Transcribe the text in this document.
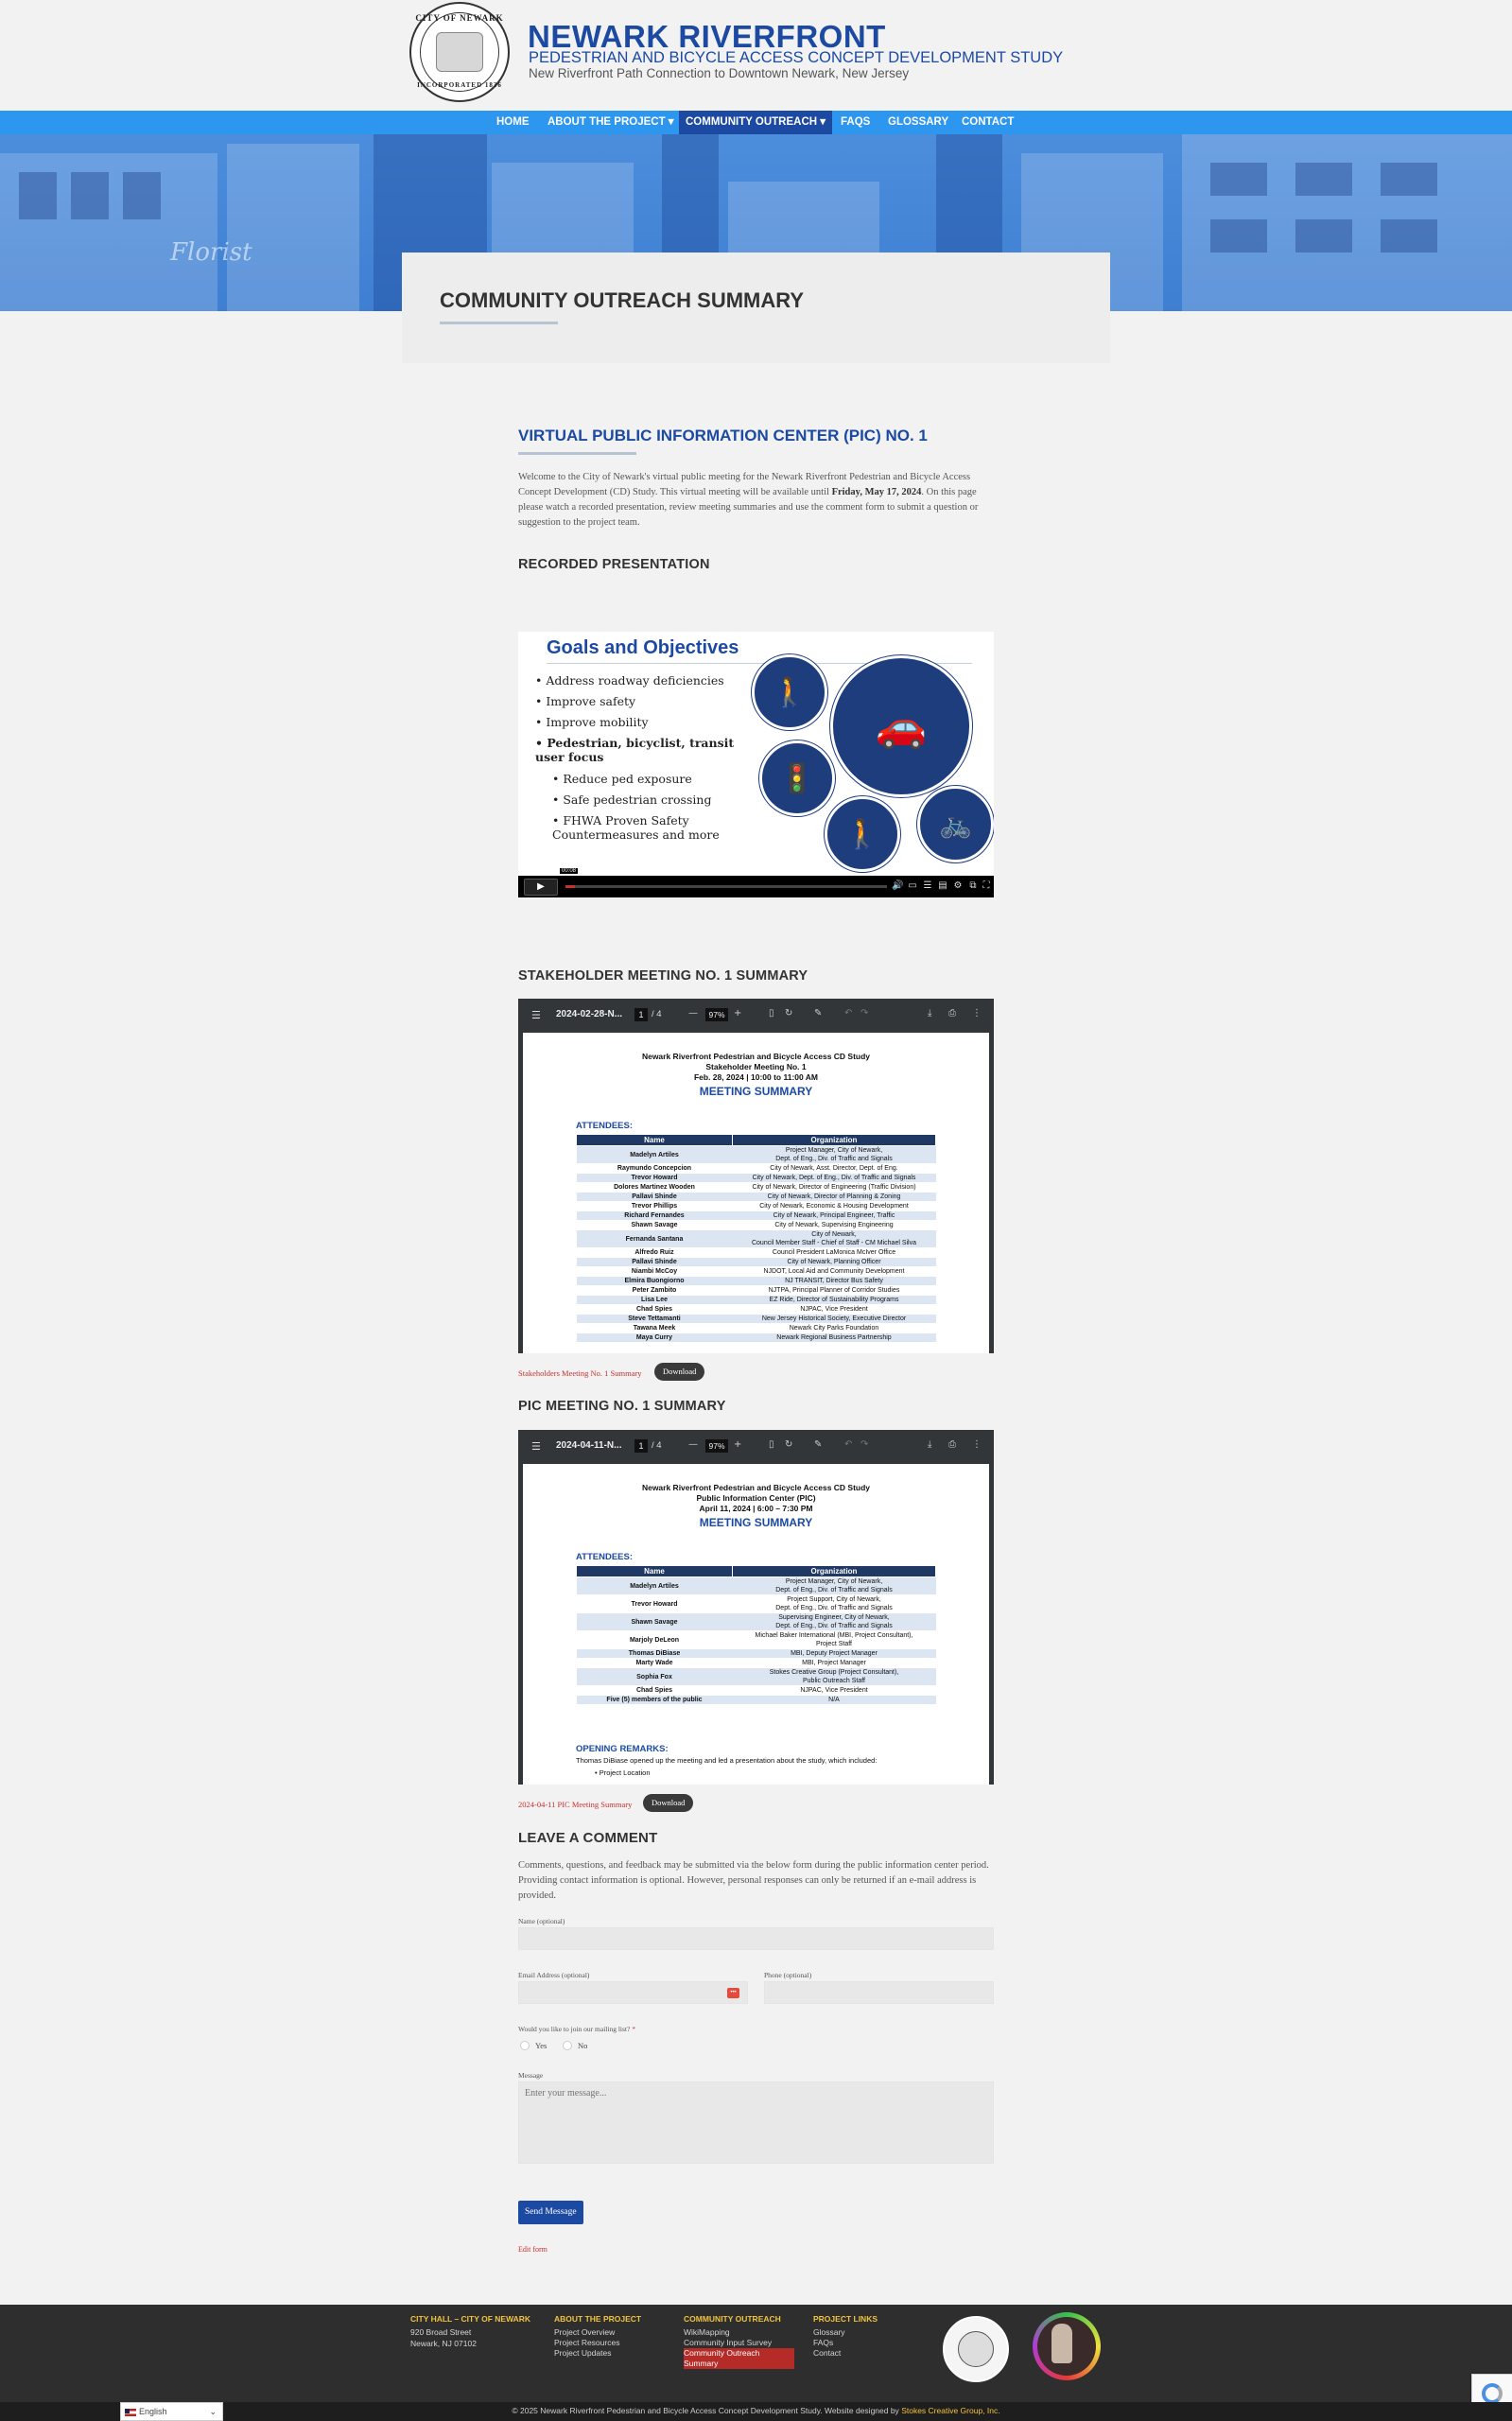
CITY OF NEWARK
INCORPORATED 1836
NEWARK RIVERFRONT
PEDESTRIAN AND BICYCLE ACCESS CONCEPT DEVELOPMENT STUDY
New Riverfront Path Connection to Downtown Newark, New Jersey
HOME	ABOUT THE PROJECT ▾	COMMUNITY OUTREACH ▾	FAQS	GLOSSARY	CONTACT
Florist
COMMUNITY OUTREACH SUMMARY
VIRTUAL PUBLIC INFORMATION CENTER (PIC) NO. 1

Welcome to the City of Newark's virtual public meeting for the Newark Riverfront Pedestrian and Bicycle Access Concept Development (CD) Study. This virtual meeting will be available until Friday, May 17, 2024. On this page please watch a recorded presentation, review meeting summaries and use the comment form to submit a question or suggestion to the project team.

RECORDED PRESENTATION
Goals and Objectives
• Address roadway deficiencies
• Improve safety
• Improve mobility
• Pedestrian, bicyclist, transit user focus
• Reduce ped exposure
• Safe pedestrian crossing
• FHWA Proven Safety Countermeasures and more
🚶
🚗
🚦
🚶	🚲
▶
00:08
🔊 ▭ ☰ ▤ ⚙ ⧉ ⛶
STAKEHOLDER MEETING NO. 1 SUMMARY
☰ 2024-02-28-N...	1 / 4	—	97% +	▯ ↻ ✎ ↶ ↷	⤓ ⎙ ⋮
Newark Riverfront Pedestrian and Bicycle Access CD Study
Stakeholder Meeting No. 1
Feb. 28, 2024 | 10:00 to 11:00 AM
MEETING SUMMARY
ATTENDEES:
Name	Organization
Madelyn Artiles	Project Manager, City of Newark,
Dept. of Eng., Div. of Traffic and Signals
Raymundo Concepcion	City of Newark, Asst. Director, Dept. of Eng.
Trevor Howard	City of Newark, Dept. of Eng., Div. of Traffic and Signals
Dolores Martinez Wooden	City of Newark, Director of Engineering (Traffic Division)
Pallavi Shinde	City of Newark, Director of Planning & Zoning
Trevor Phillips	City of Newark, Economic & Housing Development
Richard Fernandes	City of Newark, Principal Engineer, Traffic
Shawn Savage	City of Newark, Supervising Engineering
Fernanda Santana	City of Newark,
Council Member Staff - Chief of Staff - CM Michael Silva
Alfredo Ruiz	Council President LaMonica McIver Office
Pallavi Shinde	City of Newark, Planning Officer
Niambi McCoy	NJDOT, Local Aid and Community Development
Elmira Buongiorno	NJ TRANSIT, Director Bus Safety
Peter Zambito	NJTPA, Principal Planner of Corridor Studies
Lisa Lee	EZ Ride, Director of Sustainability Programs
Chad Spies	NJPAC, Vice President
Steve Tettamanti	New Jersey Historical Society, Executive Director
Tawana Meek	Newark City Parks Foundation
Maya Curry	Newark Regional Business Partnership
Stakeholders Meeting No. 1 Summary	Download
PIC MEETING NO. 1 SUMMARY
☰ 2024-04-11-N...	1 / 4	—	97% +	▯ ↻ ✎ ↶ ↷	⤓ ⎙ ⋮
Newark Riverfront Pedestrian and Bicycle Access CD Study
Public Information Center (PIC)
April 11, 2024 | 6:00 – 7:30 PM
MEETING SUMMARY
ATTENDEES:
Name	Organization
Madelyn Artiles	Project Manager, City of Newark,
Dept. of Eng., Div. of Traffic and Signals
Trevor Howard	Project Support, City of Newark,
Dept. of Eng., Div. of Traffic and Signals
Shawn Savage	Supervising Engineer, City of Newark,
Dept. of Eng., Div. of Traffic and Signals
Marjoly DeLeon	Michael Baker International (MBI, Project Consultant),
Project Staff
Thomas DiBiase	MBI, Deputy Project Manager
Marty Wade	MBI, Project Manager
Sophia Fox	Stokes Creative Group (Project Consultant),
Public Outreach Staff
Chad Spies	NJPAC, Vice President
Five (5) members of the public	N/A
OPENING REMARKS:
Thomas DiBiase opened up the meeting and led a presentation about the study, which included:
• Project Location
2024-04-11 PIC Meeting Summary	Download
LEAVE A COMMENT

Comments, questions, and feedback may be submitted via the below form during the public information center period. Providing contact information is optional. However, personal responses can only be returned if an e-mail address is provided.

Name (optional)
Email Address (optional)
•••
Phone (optional)
Would you like to join our mailing list? *
Yes	No
Message
Enter your message...
Send Message
Edit form
CITY HALL – CITY OF NEWARK
920 Broad Street
Newark, NJ 07102
ABOUT THE PROJECT
Project Overview
Project Resources
Project Updates
COMMUNITY OUTREACH
WikiMapping
Community Input Survey
Community Outreach
Summary
PROJECT LINKS
Glossary
FAQs
Contact
© 2025 Newark Riverfront Pedestrian and Bicycle Access Concept Development Study. Website designed by Stokes Creative Group, Inc.
English	⌄
